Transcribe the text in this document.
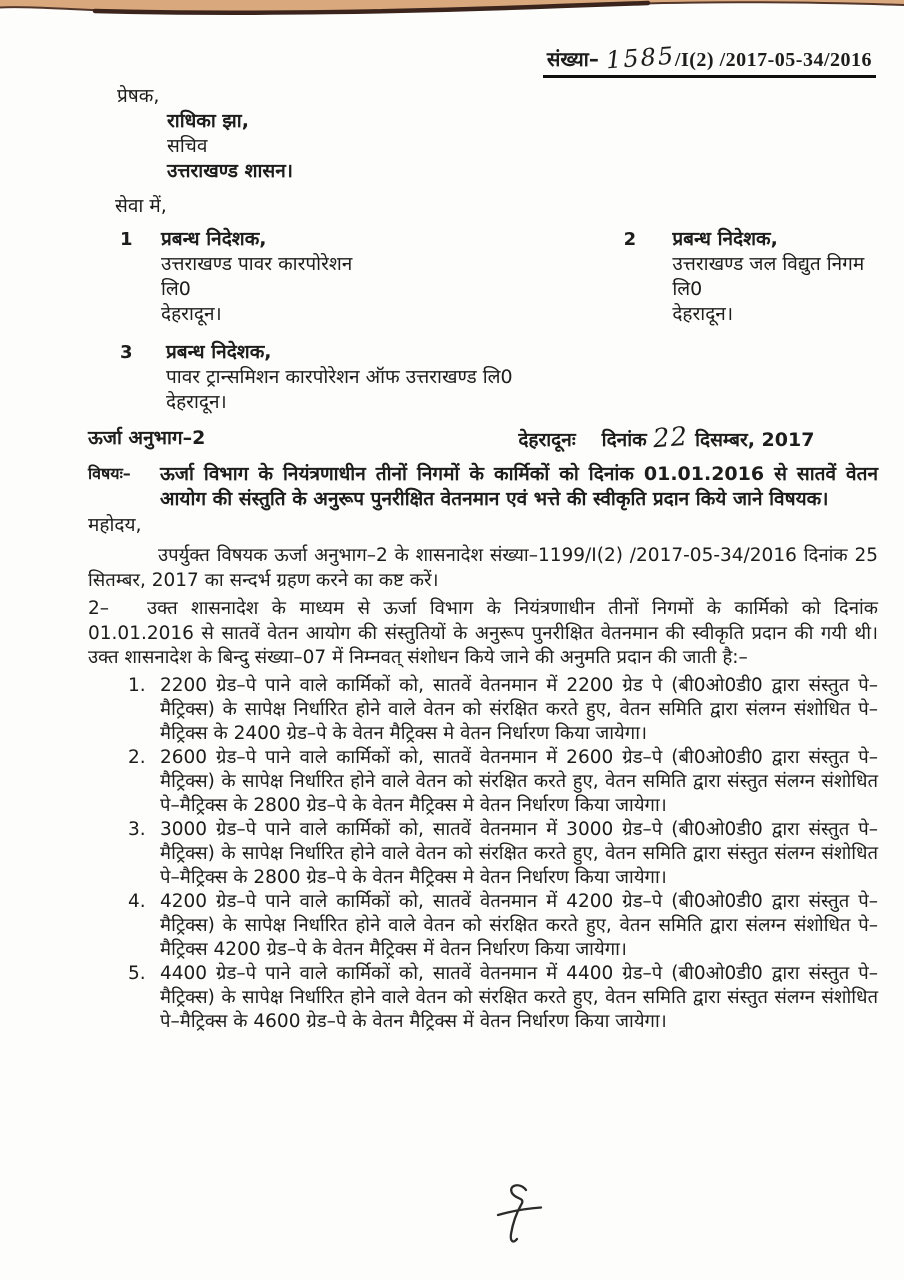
संख्या– 1585/I(2) /2017-05-34/2016
प्रेषक,
राधिका झा,
सचिव
उत्तराखण्ड शासन।
सेवा में,
1	प्रबन्ध निदेशक,
उत्तराखण्ड पावर कारपोरेशन लि0
देहरादून।
2	प्रबन्ध निदेशक,
उत्तराखण्ड जल विद्युत निगम लि0
देहरादून।
3	प्रबन्ध निदेशक,
पावर ट्रान्समिशन कारपोरेशन ऑफ उत्तराखण्ड लि0
देहरादून।
ऊर्जा अनुभाग–2	देहरादूनः दिनांक 22 दिसम्बर, 2017
विषयः–	ऊर्जा विभाग के नियंत्रणाधीन तीनों निगमों के कार्मिकों को दिनांक 01.01.2016 से सातवें वेतन आयोग की संस्तुति के अनुरूप पुनरीक्षित वेतनमान एवं भत्ते की स्वीकृति प्रदान किये जाने विषयक।
महोदय,
उपर्युक्त विषयक ऊर्जा अनुभाग–2 के शासनादेश संख्या–1199/I(2) /2017-05-34/2016 दिनांक 25 सितम्बर, 2017 का सन्दर्भ ग्रहण करने का कष्ट करें।
2– उक्त शासनादेश के माध्यम से ऊर्जा विभाग के नियंत्रणाधीन तीनों निगमों के कार्मिको को दिनांक 01.01.2016 से सातवें वेतन आयोग की संस्तुतियों के अनुरूप पुनरीक्षित वेतनमान की स्वीकृति प्रदान की गयी थी। उक्त शासनादेश के बिन्दु संख्या–07 में निम्नवत् संशोधन किये जाने की अनुमति प्रदान की जाती है:–
1. 2200 ग्रेड–पे पाने वाले कार्मिकों को, सातवें वेतनमान में 2200 ग्रेड पे (बी0ओ0डी0 द्वारा संस्तुत पे–मैट्रिक्स) के सापेक्ष निर्धारित होने वाले वेतन को संरक्षित करते हुए, वेतन समिति द्वारा संलग्न संशोधित पे–मैट्रिक्स के 2400 ग्रेड–पे के वेतन मैट्रिक्स मे वेतन निर्धारण किया जायेगा।
2. 2600 ग्रेड–पे पाने वाले कार्मिकों को, सातवें वेतनमान में 2600 ग्रेड–पे (बी0ओ0डी0 द्वारा संस्तुत पे–मैट्रिक्स) के सापेक्ष निर्धारित होने वाले वेतन को संरक्षित करते हुए, वेतन समिति द्वारा संस्तुत संलग्न संशोधित पे–मैट्रिक्स के 2800 ग्रेड–पे के वेतन मैट्रिक्स मे वेतन निर्धारण किया जायेगा।
3. 3000 ग्रेड–पे पाने वाले कार्मिकों को, सातवें वेतनमान में 3000 ग्रेड–पे (बी0ओ0डी0 द्वारा संस्तुत पे–मैट्रिक्स) के सापेक्ष निर्धारित होने वाले वेतन को संरक्षित करते हुए, वेतन समिति द्वारा संस्तुत संलग्न संशोधित पे–मैट्रिक्स के 2800 ग्रेड–पे के वेतन मैट्रिक्स मे वेतन निर्धारण किया जायेगा।
4. 4200 ग्रेड–पे पाने वाले कार्मिकों को, सातवें वेतनमान में 4200 ग्रेड–पे (बी0ओ0डी0 द्वारा संस्तुत पे–मैट्रिक्स) के सापेक्ष निर्धारित होने वाले वेतन को संरक्षित करते हुए, वेतन समिति द्वारा संलग्न संशोधित पे–मैट्रिक्स 4200 ग्रेड–पे के वेतन मैट्रिक्स में वेतन निर्धारण किया जायेगा।
5. 4400 ग्रेड–पे पाने वाले कार्मिकों को, सातवें वेतनमान में 4400 ग्रेड–पे (बी0ओ0डी0 द्वारा संस्तुत पे–मैट्रिक्स) के सापेक्ष निर्धारित होने वाले वेतन को संरक्षित करते हुए, वेतन समिति द्वारा संस्तुत संलग्न संशोधित पे–मैट्रिक्स के 4600 ग्रेड–पे के वेतन मैट्रिक्स में वेतन निर्धारण किया जायेगा।
